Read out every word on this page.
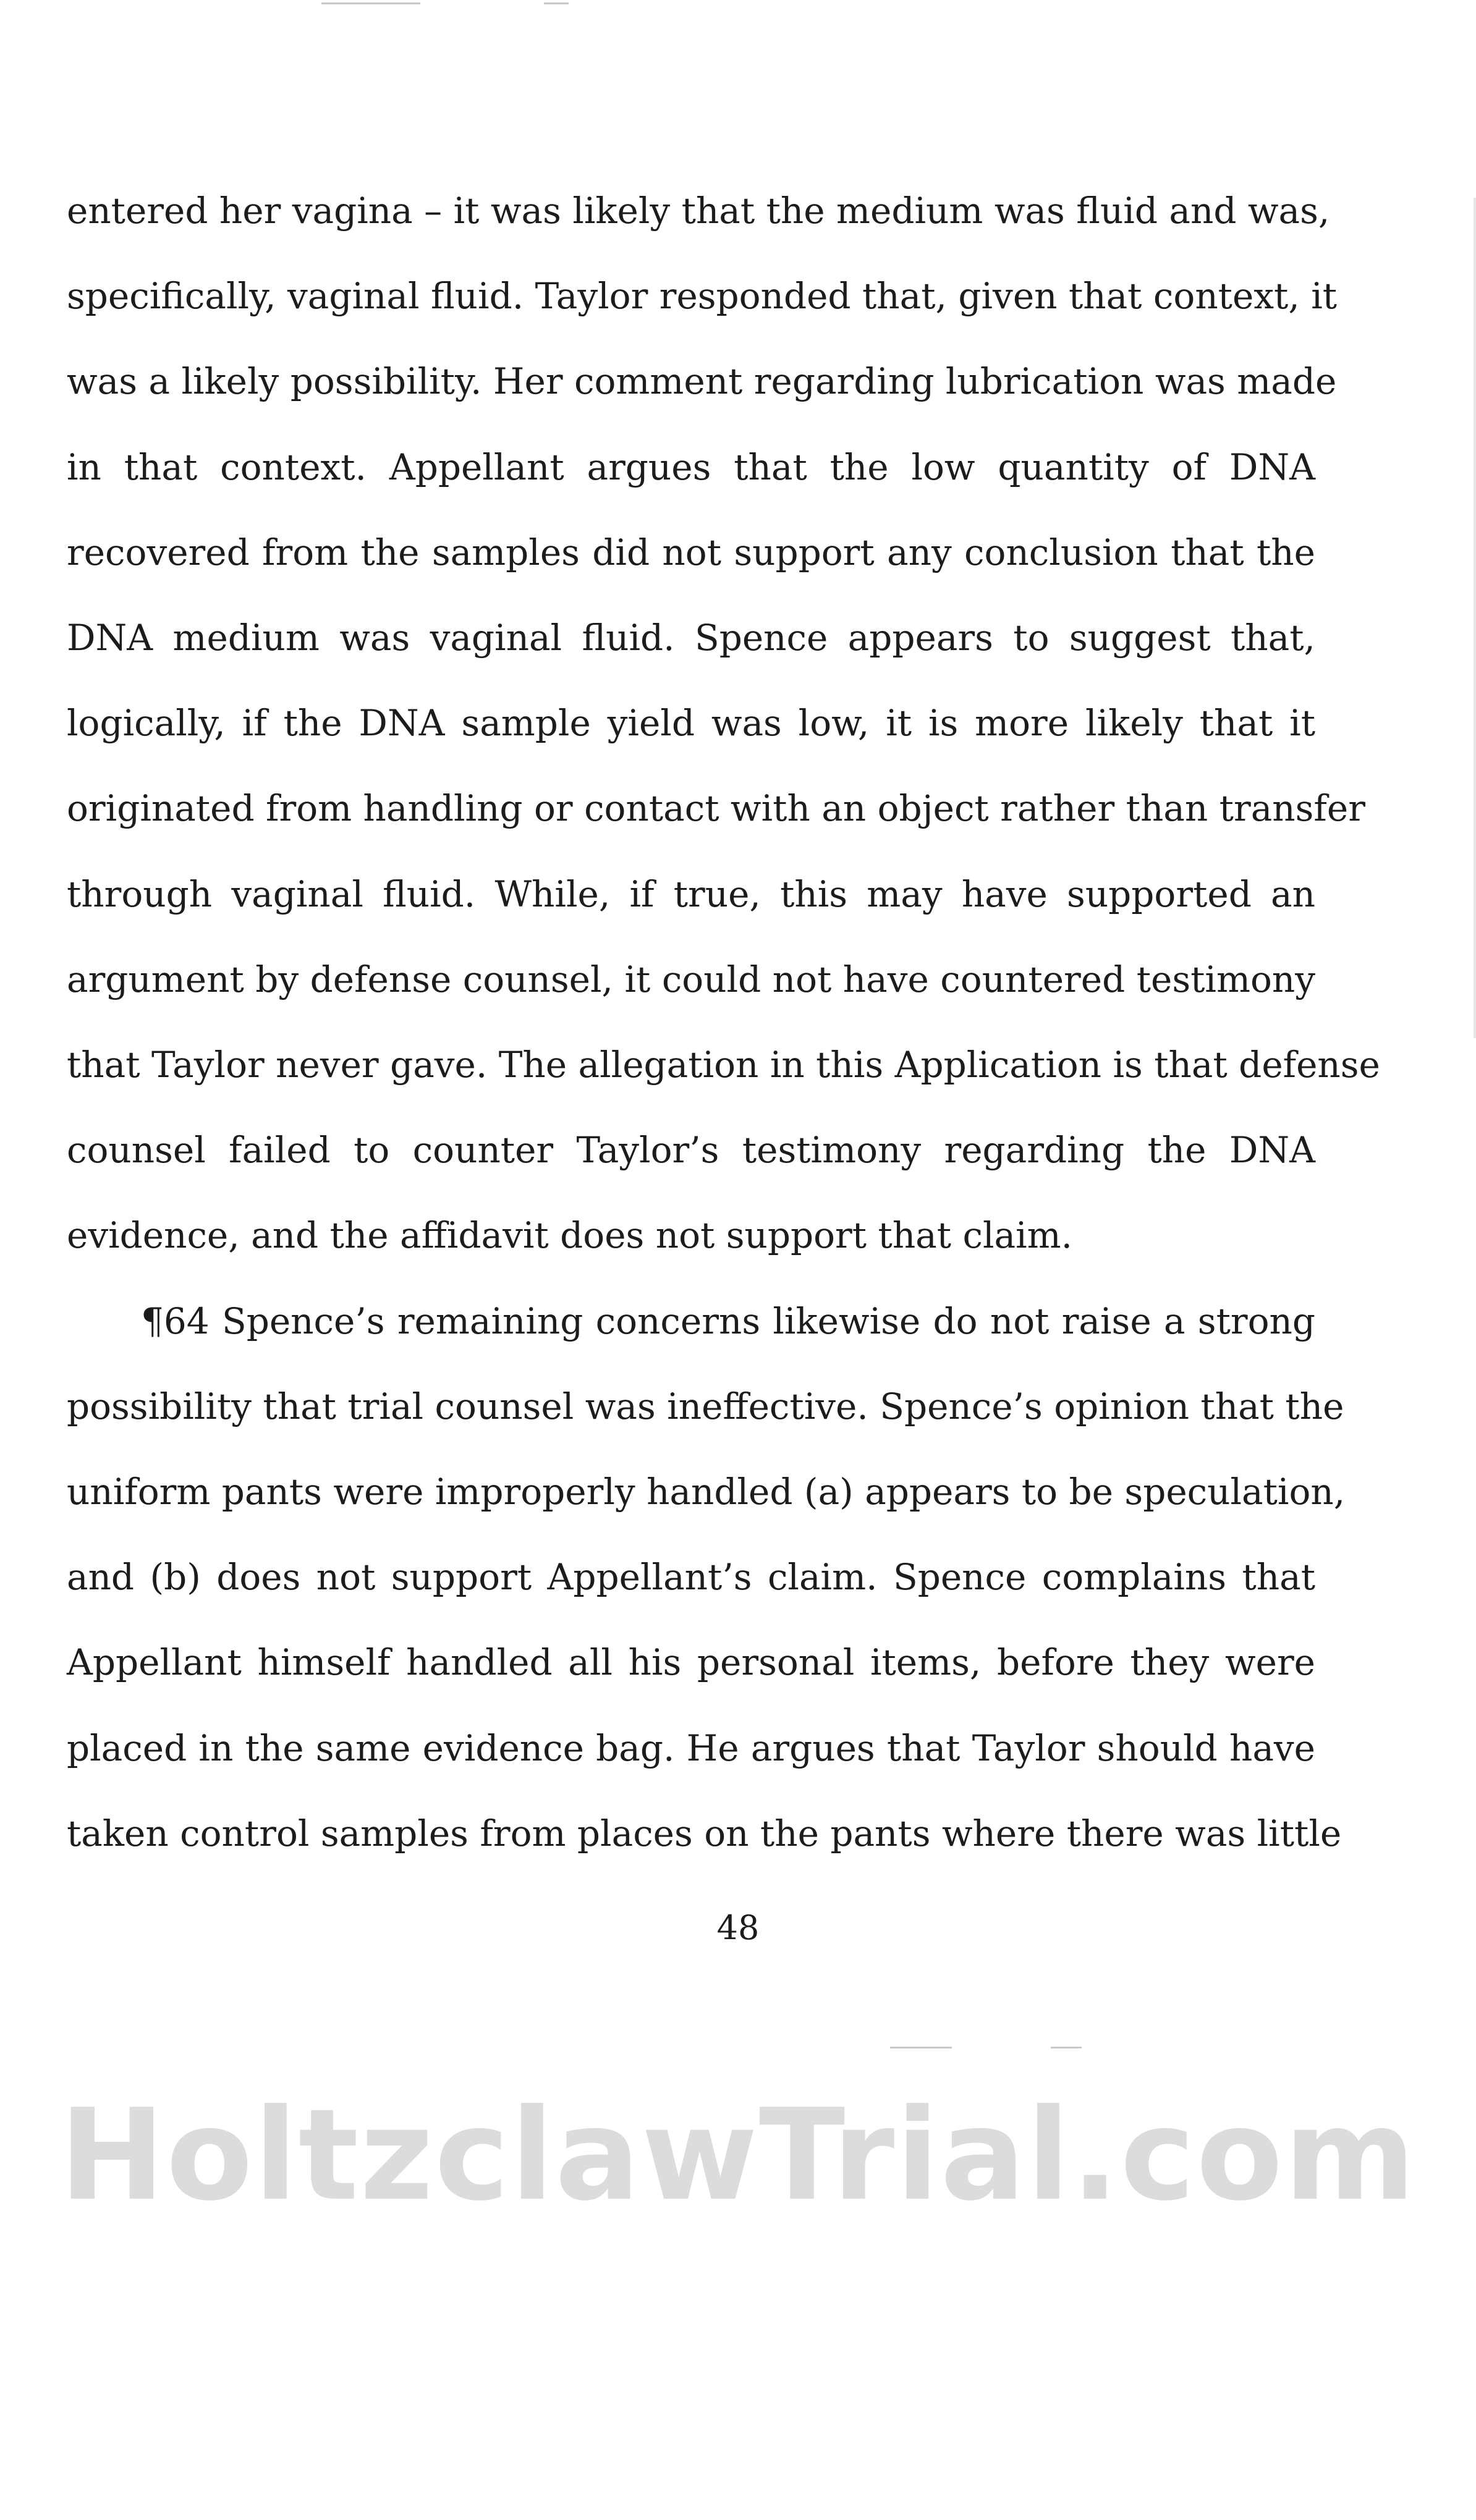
entered her vagina – it was likely that the medium was fluid and was,
specifically, vaginal fluid. Taylor responded that, given that context, it
was a likely possibility. Her comment regarding lubrication was made
in that context. Appellant argues that the low quantity of DNA
recovered from the samples did not support any conclusion that the
DNA medium was vaginal fluid. Spence appears to suggest that,
logically, if the DNA sample yield was low, it is more likely that it
originated from handling or contact with an object rather than transfer
through vaginal fluid. While, if true, this may have supported an
argument by defense counsel, it could not have countered testimony
that Taylor never gave. The allegation in this Application is that defense
counsel failed to counter Taylor’s testimony regarding the DNA
evidence, and the affidavit does not support that claim.
¶64 Spence’s remaining concerns likewise do not raise a strong
possibility that trial counsel was ineffective. Spence’s opinion that the
uniform pants were improperly handled (a) appears to be speculation,
and (b) does not support Appellant’s claim. Spence complains that
Appellant himself handled all his personal items, before they were
placed in the same evidence bag. He argues that Taylor should have
taken control samples from places on the pants where there was little
48
HoltzclawTrial.com
